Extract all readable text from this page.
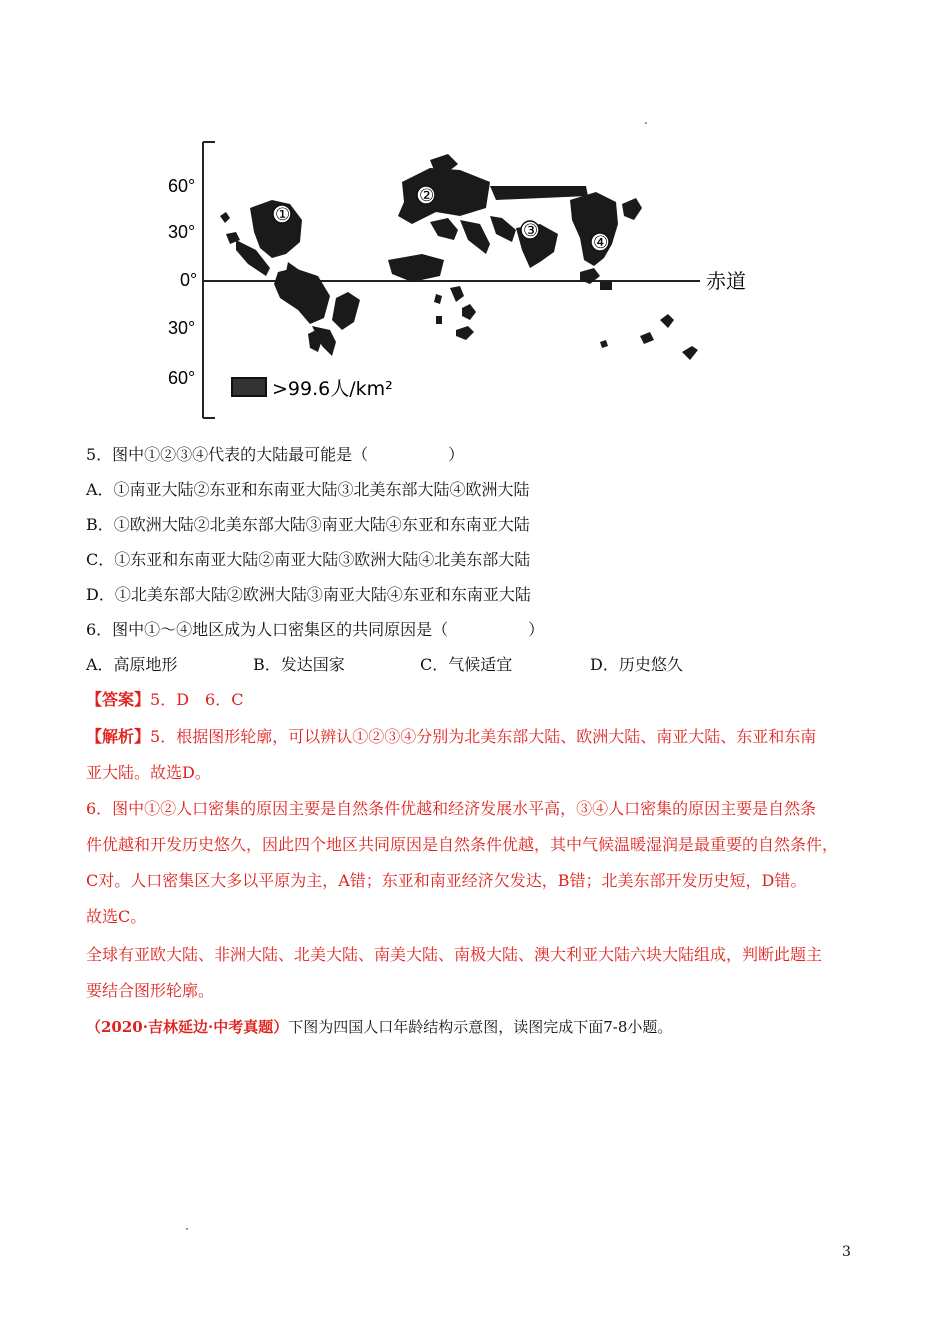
60°
30°
0°
30°
60°
赤道
①
②
③
④
>99.6人/km²
5．图中①②③④代表的大陆最可能是（　　　　　）
A．①南亚大陆②东亚和东南亚大陆③北美东部大陆④欧洲大陆
B．①欧洲大陆②北美东部大陆③南亚大陆④东亚和东南亚大陆
C．①东亚和东南亚大陆②南亚大陆③欧洲大陆④北美东部大陆
D．①北美东部大陆②欧洲大陆③南亚大陆④东亚和东南亚大陆
6．图中①～④地区成为人口密集区的共同原因是（　　　　　）
A．高原地形	B．发达国家	C．气候适宜	D．历史悠久
【答案】5．D　6．C
【解析】5．根据图形轮廓，可以辨认①②③④分别为北美东部大陆、欧洲大陆、南亚大陆、东亚和东南
亚大陆。故选D。
6．图中①②人口密集的原因主要是自然条件优越和经济发展水平高，③④人口密集的原因主要是自然条
件优越和开发历史悠久，因此四个地区共同原因是自然条件优越，其中气候温暖湿润是最重要的自然条件，
C对。人口密集区大多以平原为主，A错；东亚和南亚经济欠发达，B错；北美东部开发历史短，D错。
故选C。
全球有亚欧大陆、非洲大陆、北美大陆、南美大陆、南极大陆、澳大利亚大陆六块大陆组成，判断此题主
要结合图形轮廓。
（2020·吉林延边·中考真题）下图为四国人口年龄结构示意图，读图完成下面7-8小题。
3
